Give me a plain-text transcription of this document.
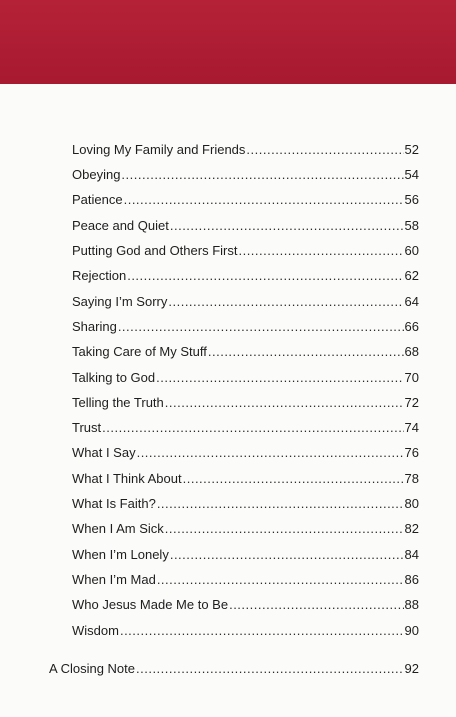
Loving My Family and Friends .....	52
Obeying .....	54
Patience .....	56
Peace and Quiet .....	58
Putting God and Others First .....	60
Rejection .....	62
Saying I’m Sorry .....	64
Sharing .....	66
Taking Care of My Stuff .....	68
Talking to God .....	70
Telling the Truth .....	72
Trust .....	74
What I Say .....	76
What I Think About .....	78
What Is Faith? .....	80
When I Am Sick .....	82
When I’m Lonely .....	84
When I’m Mad .....	86
Who Jesus Made Me to Be .....	88
Wisdom .....	90
A Closing Note .....	92
